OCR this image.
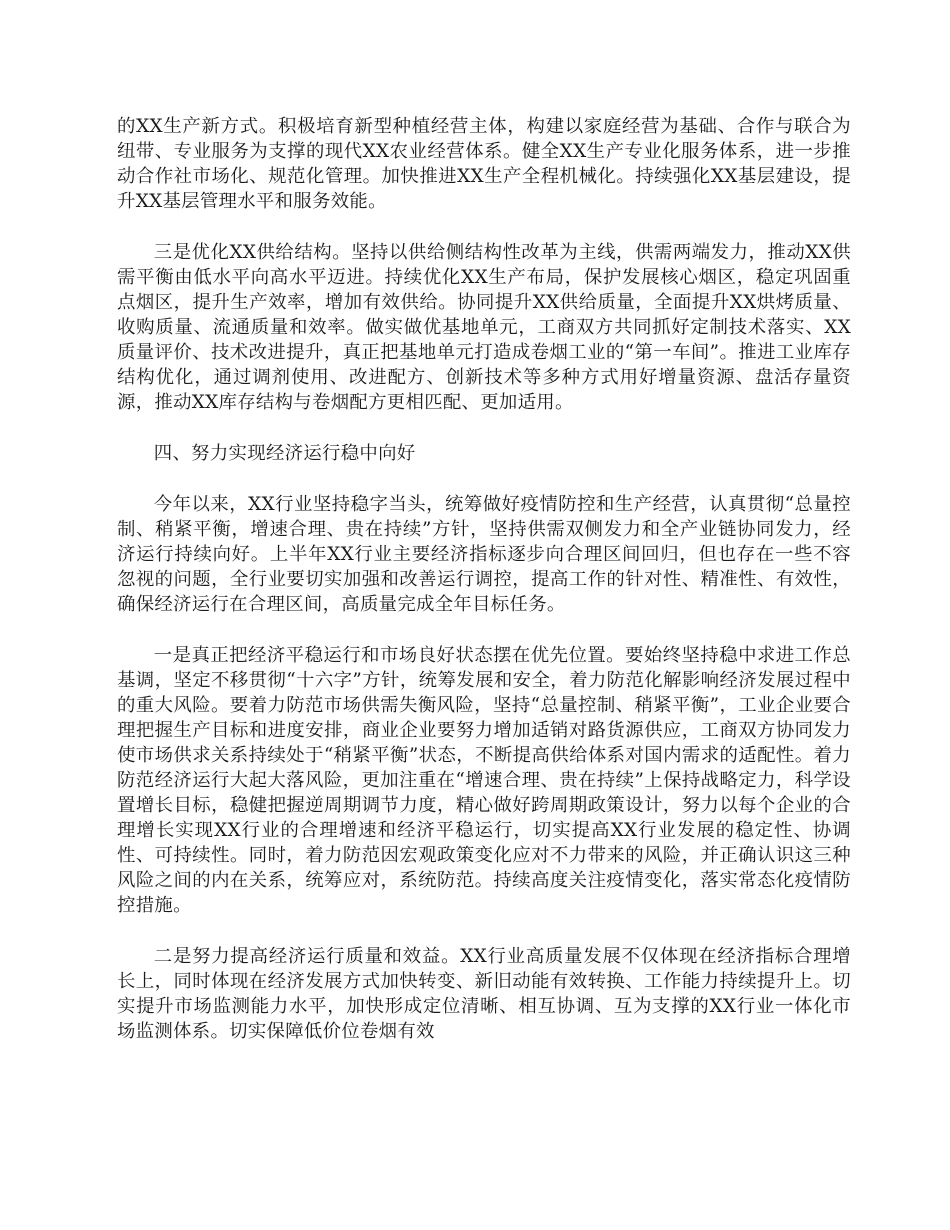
的XX生产新方式。积极培育新型种植经营主体，构建以家庭经营为基础、合作与联合为纽带、专业服务为支撑的现代XX农业经营体系。健全XX生产专业化服务体系，进一步推动合作社市场化、规范化管理。加快推进XX生产全程机械化。持续强化XX基层建设，提升XX基层管理水平和服务效能。

三是优化XX供给结构。坚持以供给侧结构性改革为主线，供需两端发力，推动XX供需平衡由低水平向高水平迈进。持续优化XX生产布局，保护发展核心烟区，稳定巩固重点烟区，提升生产效率，增加有效供给。协同提升XX供给质量，全面提升XX烘烤质量、收购质量、流通质量和效率。做实做优基地单元，工商双方共同抓好定制技术落实、XX质量评价、技术改进提升，真正把基地单元打造成卷烟工业的“第一车间”。推进工业库存结构优化，通过调剂使用、改进配方、创新技术等多种方式用好增量资源、盘活存量资源，推动XX库存结构与卷烟配方更相匹配、更加适用。

四、努力实现经济运行稳中向好

今年以来，XX行业坚持稳字当头，统筹做好疫情防控和生产经营，认真贯彻“总量控制、稍紧平衡，增速合理、贵在持续”方针，坚持供需双侧发力和全产业链协同发力，经济运行持续向好。上半年XX行业主要经济指标逐步向合理区间回归，但也存在一些不容忽视的问题，全行业要切实加强和改善运行调控，提高工作的针对性、精准性、有效性，确保经济运行在合理区间，高质量完成全年目标任务。

一是真正把经济平稳运行和市场良好状态摆在优先位置。要始终坚持稳中求进工作总基调，坚定不移贯彻“十六字”方针，统筹发展和安全，着力防范化解影响经济发展过程中的重大风险。要着力防范市场供需失衡风险，坚持“总量控制、稍紧平衡”，工业企业要合理把握生产目标和进度安排，商业企业要努力增加适销对路货源供应，工商双方协同发力使市场供求关系持续处于“稍紧平衡”状态，不断提高供给体系对国内需求的适配性。着力防范经济运行大起大落风险，更加注重在“增速合理、贵在持续”上保持战略定力，科学设置增长目标，稳健把握逆周期调节力度，精心做好跨周期政策设计，努力以每个企业的合理增长实现XX行业的合理增速和经济平稳运行，切实提高XX行业发展的稳定性、协调性、可持续性。同时，着力防范因宏观政策变化应对不力带来的风险，并正确认识这三种风险之间的内在关系，统筹应对，系统防范。持续高度关注疫情变化，落实常态化疫情防控措施。

二是努力提高经济运行质量和效益。XX行业高质量发展不仅体现在经济指标合理增长上，同时体现在经济发展方式加快转变、新旧动能有效转换、工作能力持续提升上。切实提升市场监测能力水平，加快形成定位清晰、相互协调、互为支撑的XX行业一体化市场监测体系。切实保障低价位卷烟有效
